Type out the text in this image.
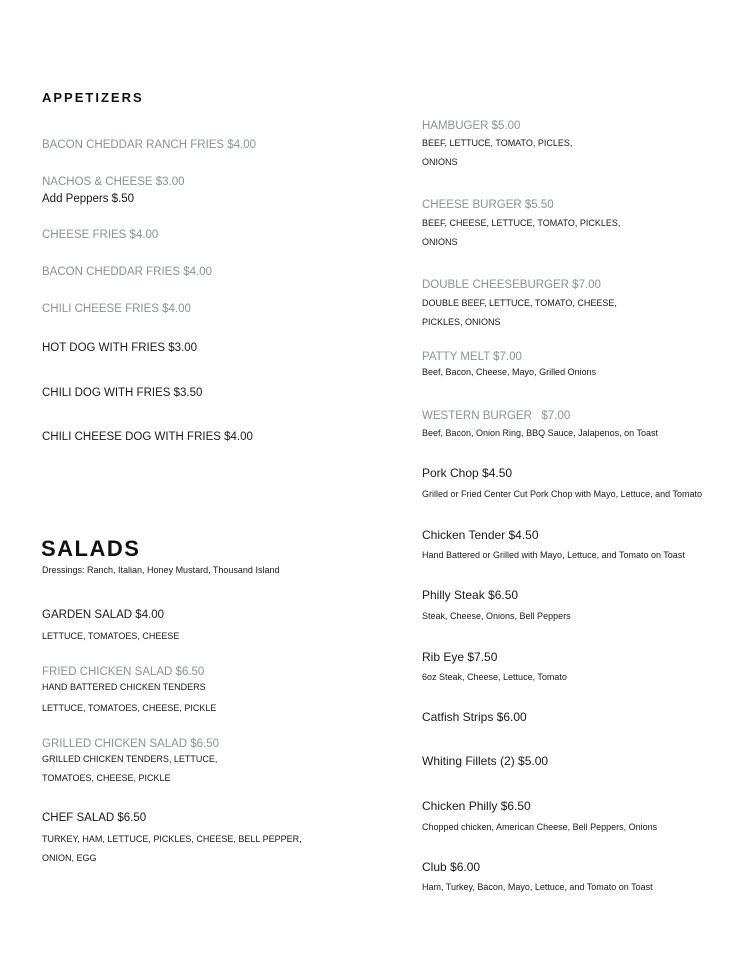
APPETIZERS
BACON CHEDDAR RANCH FRIES $4.00
NACHOS & CHEESE $3.00
Add Peppers $.50
CHEESE FRIES $4.00
BACON CHEDDAR FRIES $4.00
CHILI CHEESE FRIES $4.00
HOT DOG WITH FRIES $3.00
CHILI DOG WITH FRIES $3.50
CHILI CHEESE DOG WITH FRIES $4.00
SALADS
Dressings: Ranch, Italian, Honey Mustard, Thousand Island
GARDEN SALAD $4.00
LETTUCE, TOMATOES, CHEESE
FRIED CHICKEN SALAD $6.50
HAND BATTERED CHICKEN TENDERS
LETTUCE, TOMATOES, CHEESE, PICKLE
GRILLED CHICKEN SALAD $6.50
GRILLED CHICKEN TENDERS, LETTUCE,
TOMATOES, CHEESE, PICKLE
CHEF SALAD $6.50
TURKEY, HAM, LETTUCE, PICKLES, CHEESE, BELL PEPPER,
ONION, EGG
HAMBUGER $5.00
BEEF, LETTUCE, TOMATO, PICLES,
ONIONS
CHEESE BURGER $5.50
BEEF, CHEESE, LETTUCE, TOMATO, PICKLES,
ONIONS
DOUBLE CHEESEBURGER $7.00
DOUBLE BEEF, LETTUCE, TOMATO, CHEESE,
PICKLES, ONIONS
PATTY MELT $7.00
Beef, Bacon, Cheese, Mayo, Grilled Onions
WESTERN BURGER   $7.00
Beef, Bacon, Onion Ring, BBQ Sauce, Jalapenos, on Toast
Pork Chop $4.50
Grilled or Fried Center Cut Pork Chop with Mayo, Lettuce, and Tomato
Chicken Tender $4.50
Hand Battered or Grilled with Mayo, Lettuce, and Tomato on Toast
Philly Steak $6.50
Steak, Cheese, Onions, Bell Peppers
Rib Eye $7.50
6oz Steak, Cheese, Lettuce, Tomato
Catfish Strips $6.00
Whiting Fillets (2) $5.00
Chicken Philly $6.50
Chopped chicken, American Cheese, Bell Peppers, Onions
Club $6.00
Ham, Turkey, Bacon, Mayo, Lettuce, and Tomato on Toast
